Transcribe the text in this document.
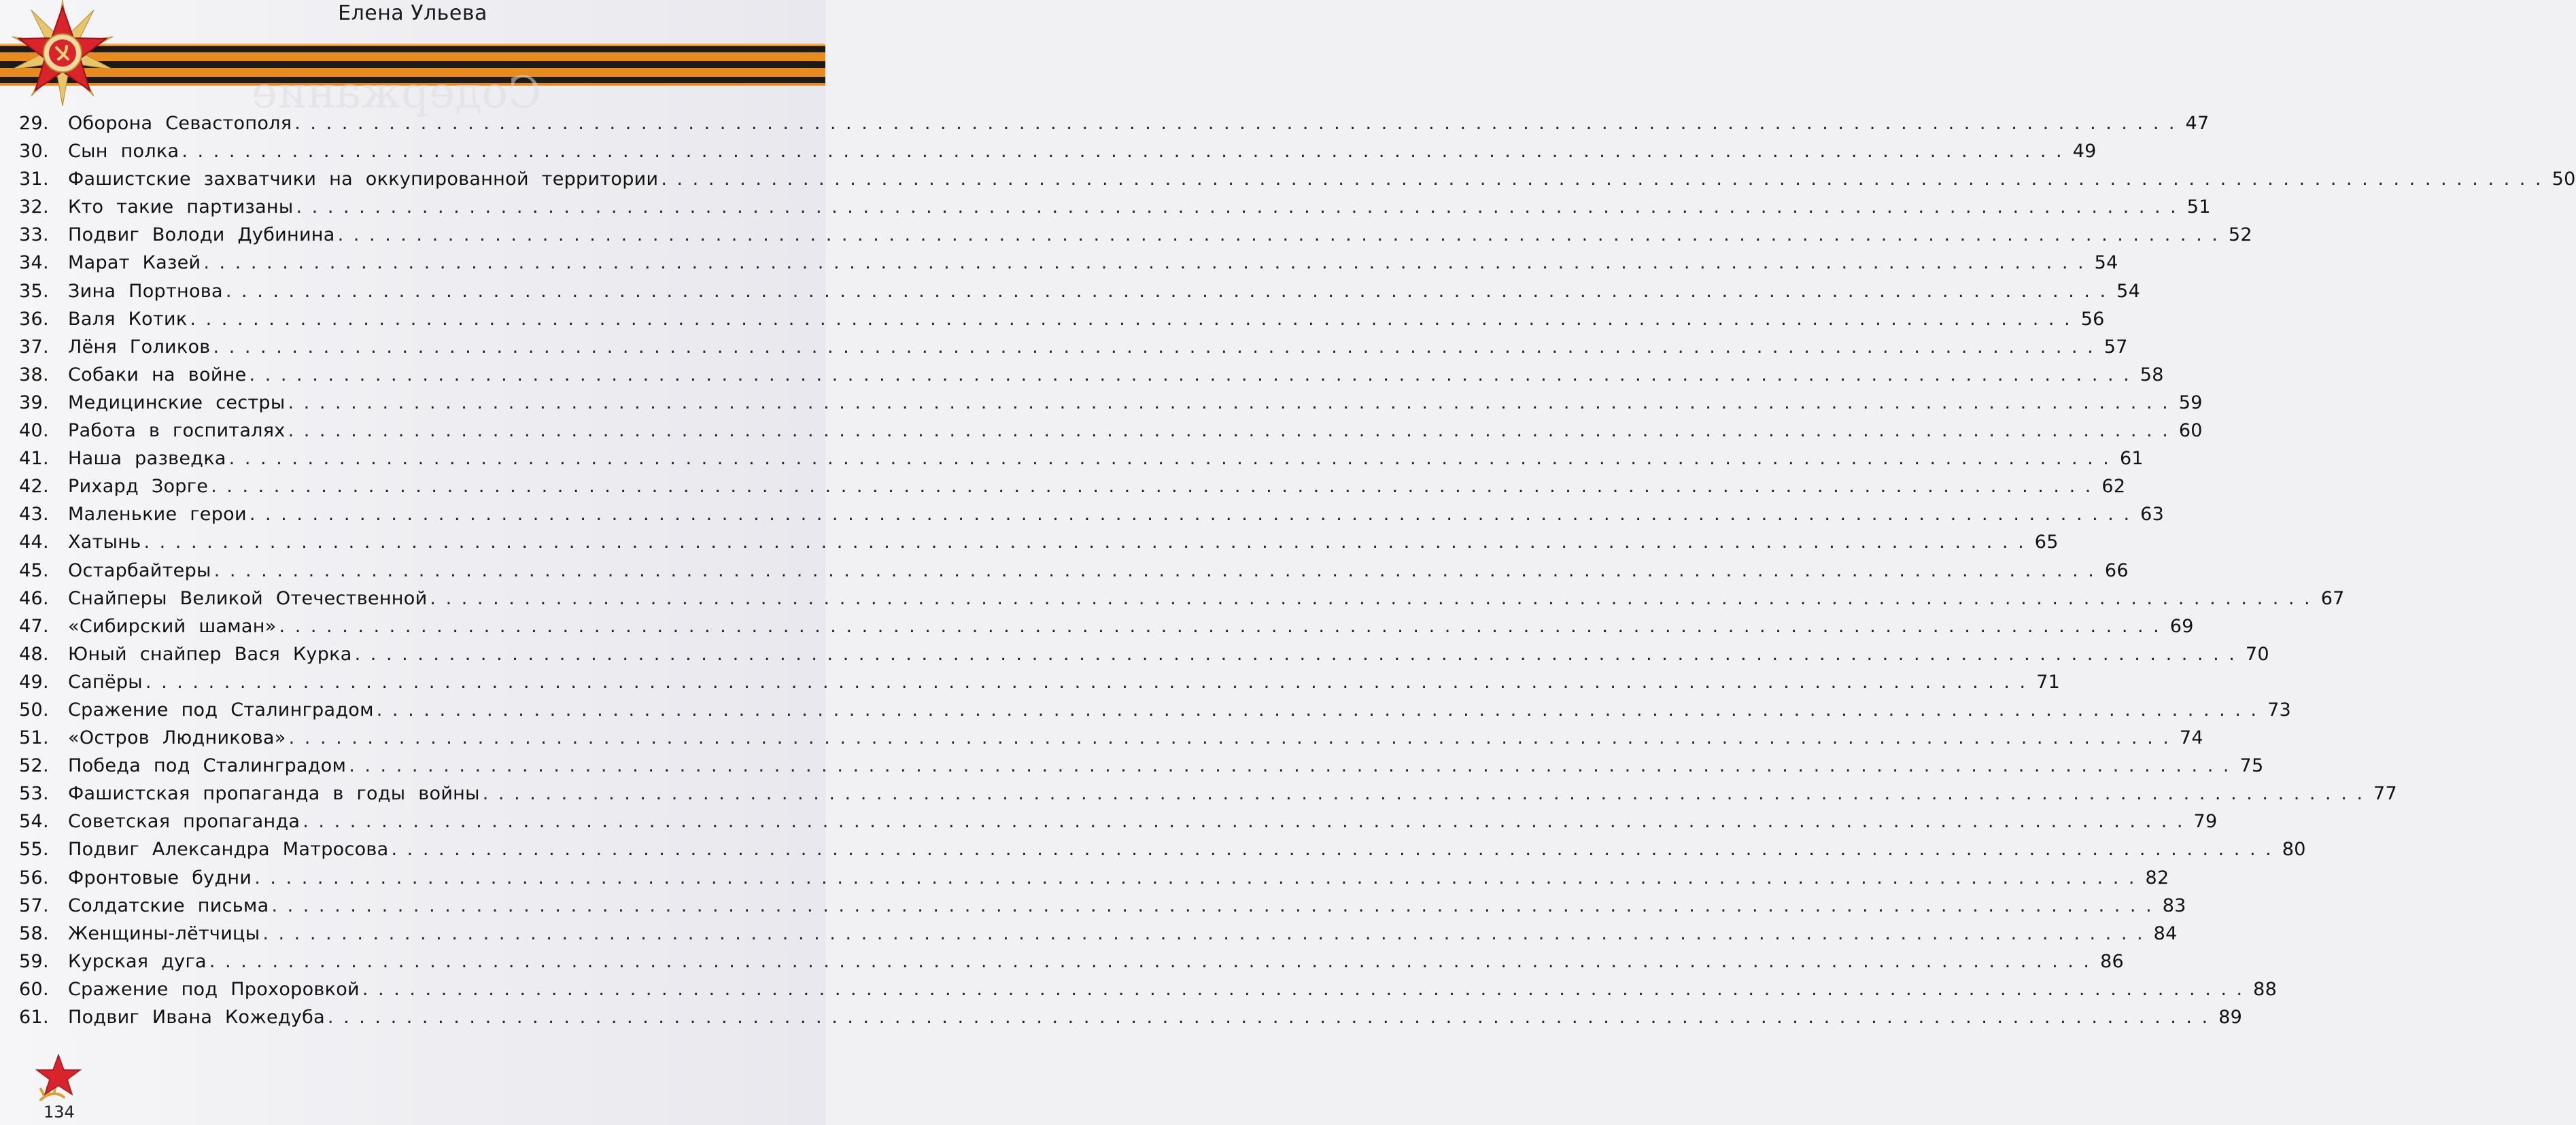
Содержание
Елена Ульева
29.	Оборона Севастополя . . . . . . . . . . . . . . . . . . . . . . . . . . . . . . . . . . . . . . . . . . . . . . . . . . . . . . . . . . . . . . . . . . . . . . . . . . . . . . . . . . . . . . . . . . . . . . . . . . . . . . . . . . . . . . . . . . . . . . . . 47
30.	Сын полка . . . . . . . . . . . . . . . . . . . . . . . . . . . . . . . . . . . . . . . . . . . . . . . . . . . . . . . . . . . . . . . . . . . . . . . . . . . . . . . . . . . . . . . . . . . . . . . . . . . . . . . . . . . . . . . . . . . . . . . . 49
31.	Фашистские захватчики на оккупированной территории . . . . . . . . . . . . . . . . . . . . . . . . . . . . . . . . . . . . . . . . . . . . . . . . . . . . . . . . . . . . . . . . . . . . . . . . . . . . . . . . . . . . . . . . . . . . . . . . . . . . . . . . . . . . . . . . . . . . . . . . 50
32.	Кто такие партизаны . . . . . . . . . . . . . . . . . . . . . . . . . . . . . . . . . . . . . . . . . . . . . . . . . . . . . . . . . . . . . . . . . . . . . . . . . . . . . . . . . . . . . . . . . . . . . . . . . . . . . . . . . . . . . . . . . . . . . . . . 51
33.	Подвиг Володи Дубинина . . . . . . . . . . . . . . . . . . . . . . . . . . . . . . . . . . . . . . . . . . . . . . . . . . . . . . . . . . . . . . . . . . . . . . . . . . . . . . . . . . . . . . . . . . . . . . . . . . . . . . . . . . . . . . . . . . . . . . . . 52
34.	Марат Казей . . . . . . . . . . . . . . . . . . . . . . . . . . . . . . . . . . . . . . . . . . . . . . . . . . . . . . . . . . . . . . . . . . . . . . . . . . . . . . . . . . . . . . . . . . . . . . . . . . . . . . . . . . . . . . . . . . . . . . . . 54
35.	Зина Портнова . . . . . . . . . . . . . . . . . . . . . . . . . . . . . . . . . . . . . . . . . . . . . . . . . . . . . . . . . . . . . . . . . . . . . . . . . . . . . . . . . . . . . . . . . . . . . . . . . . . . . . . . . . . . . . . . . . . . . . . . 54
36.	Валя Котик . . . . . . . . . . . . . . . . . . . . . . . . . . . . . . . . . . . . . . . . . . . . . . . . . . . . . . . . . . . . . . . . . . . . . . . . . . . . . . . . . . . . . . . . . . . . . . . . . . . . . . . . . . . . . . . . . . . . . . . . 56
37.	Лёня Голиков . . . . . . . . . . . . . . . . . . . . . . . . . . . . . . . . . . . . . . . . . . . . . . . . . . . . . . . . . . . . . . . . . . . . . . . . . . . . . . . . . . . . . . . . . . . . . . . . . . . . . . . . . . . . . . . . . . . . . . . . 57
38.	Собаки на войне . . . . . . . . . . . . . . . . . . . . . . . . . . . . . . . . . . . . . . . . . . . . . . . . . . . . . . . . . . . . . . . . . . . . . . . . . . . . . . . . . . . . . . . . . . . . . . . . . . . . . . . . . . . . . . . . . . . . . . . . 58
39.	Медицинские сестры . . . . . . . . . . . . . . . . . . . . . . . . . . . . . . . . . . . . . . . . . . . . . . . . . . . . . . . . . . . . . . . . . . . . . . . . . . . . . . . . . . . . . . . . . . . . . . . . . . . . . . . . . . . . . . . . . . . . . . . . 59
40.	Работа в госпиталях . . . . . . . . . . . . . . . . . . . . . . . . . . . . . . . . . . . . . . . . . . . . . . . . . . . . . . . . . . . . . . . . . . . . . . . . . . . . . . . . . . . . . . . . . . . . . . . . . . . . . . . . . . . . . . . . . . . . . . . . 60
41.	Наша разведка . . . . . . . . . . . . . . . . . . . . . . . . . . . . . . . . . . . . . . . . . . . . . . . . . . . . . . . . . . . . . . . . . . . . . . . . . . . . . . . . . . . . . . . . . . . . . . . . . . . . . . . . . . . . . . . . . . . . . . . . 61
42.	Рихард Зорге . . . . . . . . . . . . . . . . . . . . . . . . . . . . . . . . . . . . . . . . . . . . . . . . . . . . . . . . . . . . . . . . . . . . . . . . . . . . . . . . . . . . . . . . . . . . . . . . . . . . . . . . . . . . . . . . . . . . . . . . 62
43.	Маленькие герои . . . . . . . . . . . . . . . . . . . . . . . . . . . . . . . . . . . . . . . . . . . . . . . . . . . . . . . . . . . . . . . . . . . . . . . . . . . . . . . . . . . . . . . . . . . . . . . . . . . . . . . . . . . . . . . . . . . . . . . . 63
44.	Хатынь . . . . . . . . . . . . . . . . . . . . . . . . . . . . . . . . . . . . . . . . . . . . . . . . . . . . . . . . . . . . . . . . . . . . . . . . . . . . . . . . . . . . . . . . . . . . . . . . . . . . . . . . . . . . . . . . . . . . . . . . 65
45.	Остарбайтеры . . . . . . . . . . . . . . . . . . . . . . . . . . . . . . . . . . . . . . . . . . . . . . . . . . . . . . . . . . . . . . . . . . . . . . . . . . . . . . . . . . . . . . . . . . . . . . . . . . . . . . . . . . . . . . . . . . . . . . . . 66
46.	Снайперы Великой Отечественной . . . . . . . . . . . . . . . . . . . . . . . . . . . . . . . . . . . . . . . . . . . . . . . . . . . . . . . . . . . . . . . . . . . . . . . . . . . . . . . . . . . . . . . . . . . . . . . . . . . . . . . . . . . . . . . . . . . . . . . . 67
47.	«Сибирский шаман» . . . . . . . . . . . . . . . . . . . . . . . . . . . . . . . . . . . . . . . . . . . . . . . . . . . . . . . . . . . . . . . . . . . . . . . . . . . . . . . . . . . . . . . . . . . . . . . . . . . . . . . . . . . . . . . . . . . . . . . . 69
48.	Юный снайпер Вася Курка . . . . . . . . . . . . . . . . . . . . . . . . . . . . . . . . . . . . . . . . . . . . . . . . . . . . . . . . . . . . . . . . . . . . . . . . . . . . . . . . . . . . . . . . . . . . . . . . . . . . . . . . . . . . . . . . . . . . . . . . 70
49.	Сапёры . . . . . . . . . . . . . . . . . . . . . . . . . . . . . . . . . . . . . . . . . . . . . . . . . . . . . . . . . . . . . . . . . . . . . . . . . . . . . . . . . . . . . . . . . . . . . . . . . . . . . . . . . . . . . . . . . . . . . . . . 71
50.	Сражение под Сталинградом . . . . . . . . . . . . . . . . . . . . . . . . . . . . . . . . . . . . . . . . . . . . . . . . . . . . . . . . . . . . . . . . . . . . . . . . . . . . . . . . . . . . . . . . . . . . . . . . . . . . . . . . . . . . . . . . . . . . . . . . 73
51.	«Остров Людникова» . . . . . . . . . . . . . . . . . . . . . . . . . . . . . . . . . . . . . . . . . . . . . . . . . . . . . . . . . . . . . . . . . . . . . . . . . . . . . . . . . . . . . . . . . . . . . . . . . . . . . . . . . . . . . . . . . . . . . . . . 74
52.	Победа под Сталинградом . . . . . . . . . . . . . . . . . . . . . . . . . . . . . . . . . . . . . . . . . . . . . . . . . . . . . . . . . . . . . . . . . . . . . . . . . . . . . . . . . . . . . . . . . . . . . . . . . . . . . . . . . . . . . . . . . . . . . . . . 75
53.	Фашистская пропаганда в годы войны . . . . . . . . . . . . . . . . . . . . . . . . . . . . . . . . . . . . . . . . . . . . . . . . . . . . . . . . . . . . . . . . . . . . . . . . . . . . . . . . . . . . . . . . . . . . . . . . . . . . . . . . . . . . . . . . . . . . . . . . 77
54.	Советская пропаганда . . . . . . . . . . . . . . . . . . . . . . . . . . . . . . . . . . . . . . . . . . . . . . . . . . . . . . . . . . . . . . . . . . . . . . . . . . . . . . . . . . . . . . . . . . . . . . . . . . . . . . . . . . . . . . . . . . . . . . . . 79
55.	Подвиг Александра Матросова . . . . . . . . . . . . . . . . . . . . . . . . . . . . . . . . . . . . . . . . . . . . . . . . . . . . . . . . . . . . . . . . . . . . . . . . . . . . . . . . . . . . . . . . . . . . . . . . . . . . . . . . . . . . . . . . . . . . . . . . 80
56.	Фронтовые будни . . . . . . . . . . . . . . . . . . . . . . . . . . . . . . . . . . . . . . . . . . . . . . . . . . . . . . . . . . . . . . . . . . . . . . . . . . . . . . . . . . . . . . . . . . . . . . . . . . . . . . . . . . . . . . . . . . . . . . . . 82
57.	Солдатские письма . . . . . . . . . . . . . . . . . . . . . . . . . . . . . . . . . . . . . . . . . . . . . . . . . . . . . . . . . . . . . . . . . . . . . . . . . . . . . . . . . . . . . . . . . . . . . . . . . . . . . . . . . . . . . . . . . . . . . . . . 83
58.	Женщины-лётчицы . . . . . . . . . . . . . . . . . . . . . . . . . . . . . . . . . . . . . . . . . . . . . . . . . . . . . . . . . . . . . . . . . . . . . . . . . . . . . . . . . . . . . . . . . . . . . . . . . . . . . . . . . . . . . . . . . . . . . . . . 84
59.	Курская дуга . . . . . . . . . . . . . . . . . . . . . . . . . . . . . . . . . . . . . . . . . . . . . . . . . . . . . . . . . . . . . . . . . . . . . . . . . . . . . . . . . . . . . . . . . . . . . . . . . . . . . . . . . . . . . . . . . . . . . . . . 86
60.	Сражение под Прохоровкой . . . . . . . . . . . . . . . . . . . . . . . . . . . . . . . . . . . . . . . . . . . . . . . . . . . . . . . . . . . . . . . . . . . . . . . . . . . . . . . . . . . . . . . . . . . . . . . . . . . . . . . . . . . . . . . . . . . . . . . . 88
61.	Подвиг Ивана Кожедуба . . . . . . . . . . . . . . . . . . . . . . . . . . . . . . . . . . . . . . . . . . . . . . . . . . . . . . . . . . . . . . . . . . . . . . . . . . . . . . . . . . . . . . . . . . . . . . . . . . . . . . . . . . . . . . . . . . . . . . . . 89
134
